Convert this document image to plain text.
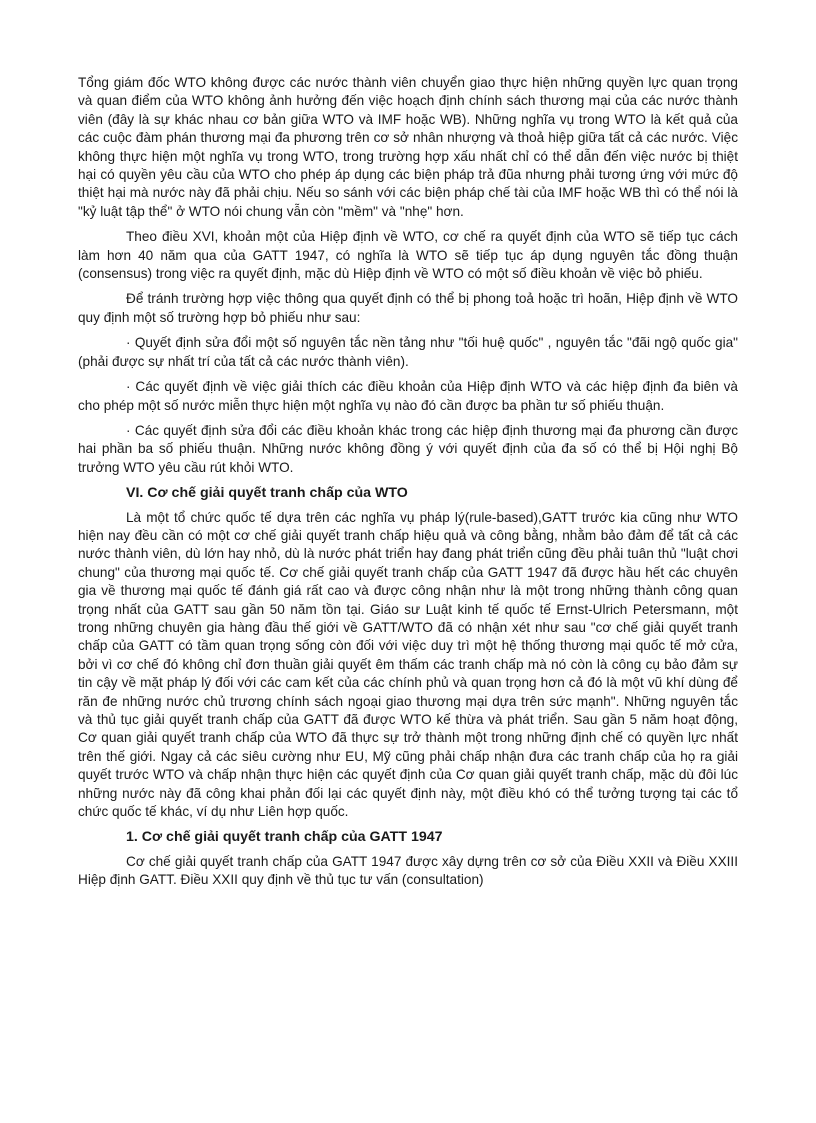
Tổng giám đốc WTO không được các nước thành viên chuyển giao thực hiện những quyền lực quan trọng và quan điểm của WTO không ảnh hưởng đến việc hoạch định chính sách thương mại của các nước thành viên (đây là sự khác nhau cơ bản giữa WTO và IMF hoặc WB). Những nghĩa vụ trong WTO là kết quả của các cuộc đàm phán thương mại đa phương trên cơ sở nhân nhượng và thoả hiệp giữa tất cả các nước. Việc không thực hiện một nghĩa vụ trong WTO, trong trường hợp xấu nhất chỉ có thể dẫn đến việc nước bị thiệt hại có quyền yêu cầu của WTO cho phép áp dụng các biện pháp trả đũa nhưng phải tương ứng với mức độ thiệt hại mà nước này đã phải chịu. Nếu so sánh với các biện pháp chế tài của IMF hoặc WB thì có thể nói là "kỷ luật tập thể" ở WTO nói chung vẫn còn "mềm" và "nhẹ" hơn.

Theo điều XVI, khoản một của Hiệp định về WTO, cơ chế ra quyết định của WTO sẽ tiếp tục cách làm hơn 40 năm qua của GATT 1947, có nghĩa là WTO sẽ tiếp tục áp dụng nguyên tắc đồng thuận (consensus) trong việc ra quyết định, mặc dù Hiệp định về WTO có một số điều khoản về việc bỏ phiếu.

Để tránh trường hợp việc thông qua quyết định có thể bị phong toả hoặc trì hoãn, Hiệp định về WTO quy định một số trường hợp bỏ phiếu như sau:

· Quyết định sửa đổi một số nguyên tắc nền tảng như "tối huệ quốc" , nguyên tắc "đãi ngộ quốc gia" (phải được sự nhất trí của tất cả các nước thành viên).

· Các quyết định về việc giải thích các điều khoản của Hiệp định WTO và các hiệp định đa biên và cho phép một số nước miễn thực hiện một nghĩa vụ nào đó cần được ba phần tư số phiếu thuận.

· Các quyết định sửa đổi các điều khoản khác trong các hiệp định thương mại đa phương cần được hai phần ba số phiếu thuận. Những nước không đồng ý với quyết định của đa số có thể bị Hội nghị Bộ trưởng WTO yêu cầu rút khỏi WTO.

VI. Cơ chế giải quyết tranh chấp của WTO

Là một tổ chức quốc tế dựa trên các nghĩa vụ pháp lý(rule-based),GATT trước kia cũng như WTO hiện nay đều cần có một cơ chế giải quyết tranh chấp hiệu quả và công bằng, nhằm bảo đảm để tất cả các nước thành viên, dù lớn hay nhỏ, dù là nước phát triển hay đang phát triển cũng đều phải tuân thủ "luật chơi chung" của thương mại quốc tế. Cơ chế giải quyết tranh chấp của GATT 1947 đã được hầu hết các chuyên gia về thương mại quốc tế đánh giá rất cao và được công nhận như là một trong những thành công quan trọng nhất của GATT sau gần 50 năm tồn tại. Giáo sư Luật kinh tế quốc tế Ernst-Ulrich Petersmann, một trong những chuyên gia hàng đầu thế giới về GATT/WTO đã có nhận xét như sau "cơ chế giải quyết tranh chấp của GATT có tầm quan trọng sống còn đối với việc duy trì một hệ thống thương mại quốc tế mở cửa, bởi vì cơ chế đó không chỉ đơn thuần giải quyết êm thấm các tranh chấp mà nó còn là công cụ bảo đảm sự tin cậy về mặt pháp lý đối với các cam kết của các chính phủ và quan trọng hơn cả đó là một vũ khí dùng để răn đe những nước chủ trương chính sách ngoại giao thương mại dựa trên sức mạnh". Những nguyên tắc và thủ tục giải quyết tranh chấp của GATT đã được WTO kế thừa và phát triển. Sau gần 5 năm hoạt động, Cơ quan giải quyết tranh chấp của WTO đã thực sự trở thành một trong những định chế có quyền lực nhất trên thế giới. Ngay cả các siêu cường như EU, Mỹ cũng phải chấp nhận đưa các tranh chấp của họ ra giải quyết trước WTO và chấp nhận thực hiện các quyết định của Cơ quan giải quyết tranh chấp, mặc dù đôi lúc những nước này đã công khai phản đối lại các quyết định này, một điều khó có thể tưởng tượng tại các tổ chức quốc tế khác, ví dụ như Liên hợp quốc.

1. Cơ chế giải quyết tranh chấp của GATT 1947

Cơ chế giải quyết tranh chấp của GATT 1947 được xây dựng trên cơ sở của Điều XXII và Điều XXIII Hiệp định GATT. Điều XXII quy định về thủ tục tư vấn (consultation)
